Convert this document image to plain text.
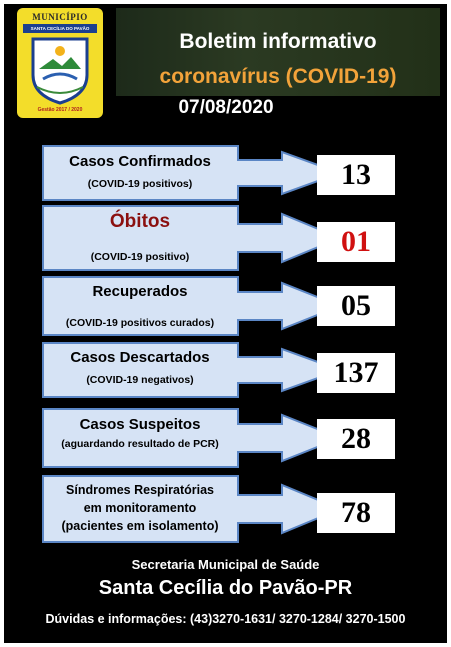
MUNICÍPIO
SANTA CECÍLIA DO PAVÃO
Gestão 2017 / 2020
Boletim informativo
coronavírus (COVID-19)
07/08/2020
Casos Confirmados
(COVID-19 positivos)	13
Óbitos
(COVID-19 positivo)	01
Recuperados
(COVID-19 positivos curados)
05
Casos Descartados
(COVID-19 negativos)	137
Casos Suspeitos
(aguardando resultado de PCR)	28
Síndromes Respiratórias
em monitoramento
(pacientes em isolamento)	78
Secretaria Municipal de Saúde
Santa Cecília do Pavão-PR
Dúvidas e informações: (43)3270-1631/ 3270-1284/ 3270-1500
